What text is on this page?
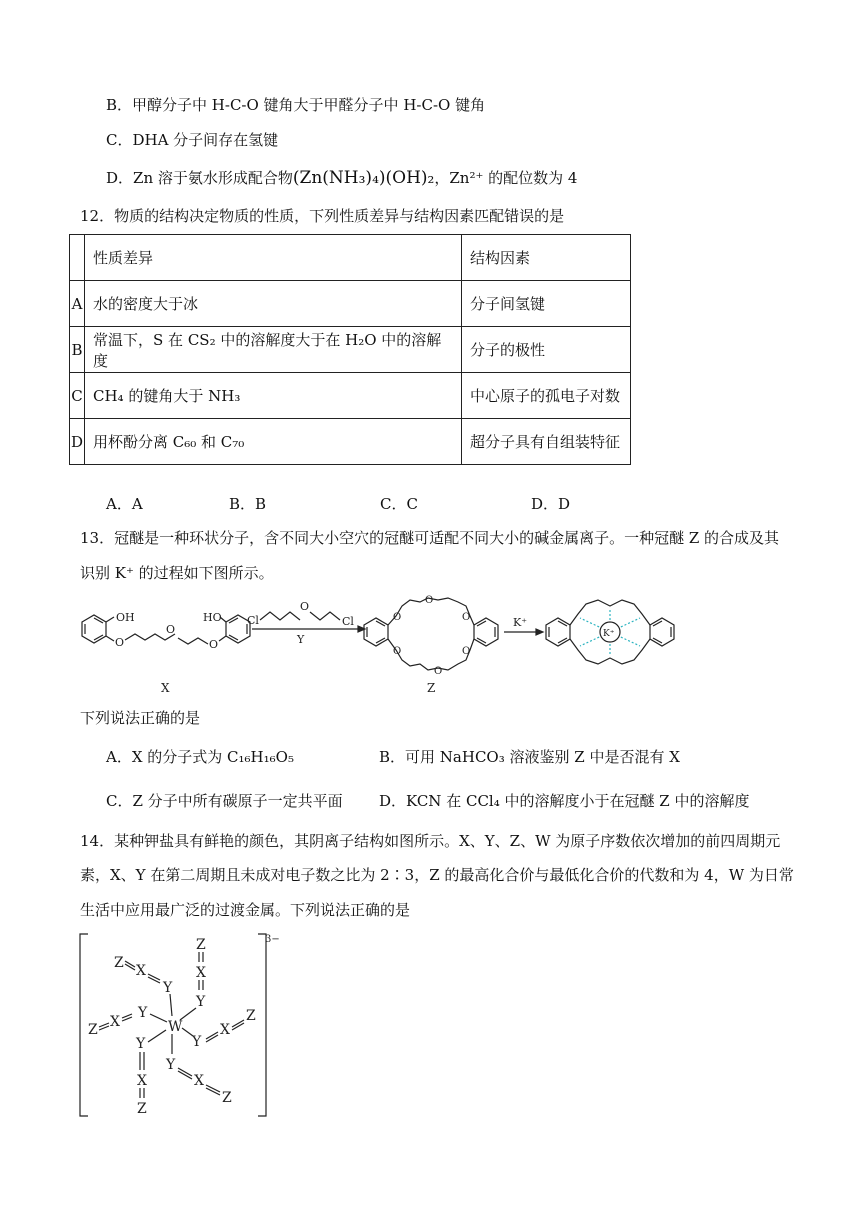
B．甲醇分子中 H-C-O 键角大于甲醛分子中 H-C-O 键角
C．DHA 分子间存在氢键
D．Zn 溶于氨水形成配合物(Zn(NH₃)₄)(OH)₂，Zn²⁺ 的配位数为 4
12．物质的结构决定物质的性质，下列性质差异与结构因素匹配错误的是
	性质差异	结构因素
A	水的密度大于冰	分子间氢键
B	常温下，S 在 CS₂ 中的溶解度大于在 H₂O 中的溶解度	分子的极性
C	CH₄ 的键角大于 NH₃	中心原子的孤电子对数
D	用杯酚分离 C₆₀ 和 C₇₀	超分子具有自组装特征
A．A	B．B	C．C	D．D
13．冠醚是一种环状分子，含不同大小空穴的冠醚可适配不同大小的碱金属离子。一种冠醚 Z 的合成及其
识别 K⁺ 的过程如下图所示。
OH
O
O
O
HO
X
Cl
O
Cl
Y
O
O
O
O
O
O
Z
K⁺
K⁺
下列说法正确的是
A．X 的分子式为 C₁₆H₁₆O₅	B．可用 NaHCO₃ 溶液鉴别 Z 中是否混有 X
C．Z 分子中所有碳原子一定共平面 D．KCN 在 CCl₄ 中的溶解度小于在冠醚 Z 中的溶解度
14．某种钾盐具有鲜艳的颜色，其阴离子结构如图所示。X、Y、Z、W 为原子序数依次增加的前四周期元
素，X、Y 在第二周期且未成对电子数之比为 2∶3，Z 的最高化合价与最低化合价的代数和为 4，W 为日常
生活中应用最广泛的过渡金属。下列说法正确的是
3−
W
Z X
Y
Z
X
Y
Z X
Y
Y
X
Z
Y
X
Z
Y
X
Z
